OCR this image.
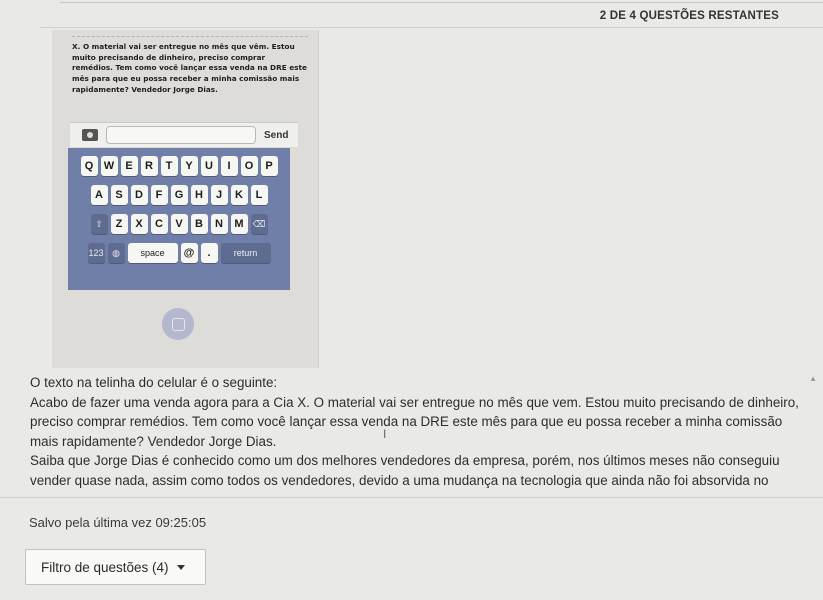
2 DE 4 QUESTÕES RESTANTES
X. O material vai ser entregue no mês que vêm. Estou muito precisando de dinheiro, preciso comprar remédios. Tem como você lançar essa venda na DRE este mês para que eu possa receber a minha comissão mais rapidamente? Vendedor Jorge Dias.
Send
Q W	E	R	T	Y	U	I	O	P
A	S	D	F	G	H	J	K	L
⇧	Z	X	C	V	B	N	M	⌫
123 ◍	space	@	.	return
▲

O texto na telinha do celular é o seguinte:

Acabo de fazer uma venda agora para a Cia X. O material vai ser entregue no mês que vem. Estou muito precisando de dinheiro, preciso comprar remédios. Tem como você lançar essa venda na DRE este mês para que eu possa receber a minha comissão mais rapidamente? Vendedor Jorge Dias.

Saiba que Jorge Dias é conhecido como um dos melhores vendedores da empresa, porém, nos últimos meses não conseguiu vender quase nada, assim como todos os vendedores, devido a uma mudança na tecnologia que ainda não foi absorvida no

I
Salvo pela última vez 09:25:05
Filtro de questões (4)
